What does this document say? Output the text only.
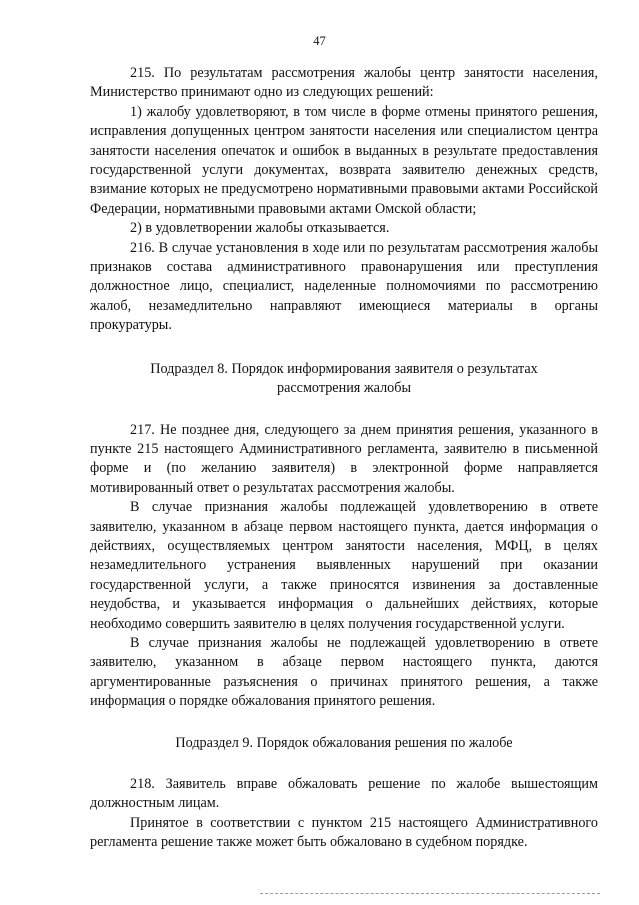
47

215. По результатам рассмотрения жалобы центр занятости населения, Министерство принимают одно из следующих решений:

1) жалобу удовлетворяют, в том числе в форме отмены принятого решения, исправления допущенных центром занятости населения или специалистом центра занятости населения опечаток и ошибок в выданных в результате предоставления государственной услуги документах, возврата заявителю денежных средств, взимание которых не предусмотрено нормативными правовыми актами Российской Федерации, нормативными правовыми актами Омской области;

2) в удовлетворении жалобы отказывается.

216. В случае установления в ходе или по результатам рассмотрения жалобы признаков состава административного правонарушения или преступления должностное лицо, специалист, наделенные полномочиями по рассмотрению жалоб, незамедлительно направляют имеющиеся материалы в органы прокуратуры.

Подраздел 8. Порядок информирования заявителя о результатах
рассмотрения жалобы

217. Не позднее дня, следующего за днем принятия решения, указанного в пункте 215 настоящего Административного регламента, заявителю в письменной форме и (по желанию заявителя) в электронной форме направляется мотивированный ответ о результатах рассмотрения жалобы.

В случае признания жалобы подлежащей удовлетворению в ответе заявителю, указанном в абзаце первом настоящего пункта, дается информация о действиях, осуществляемых центром занятости населения, МФЦ, в целях незамедлительного устранения выявленных нарушений при оказании государственной услуги, а также приносятся извинения за доставленные неудобства, и указывается информация о дальнейших действиях, которые необходимо совершить заявителю в целях получения государственной услуги.

В случае признания жалобы не подлежащей удовлетворению в ответе заявителю, указанном в абзаце первом настоящего пункта, даются аргументированные разъяснения о причинах принятого решения, а также информация о порядке обжалования принятого решения.

Подраздел 9. Порядок обжалования решения по жалобе

218. Заявитель вправе обжаловать решение по жалобе вышестоящим должностным лицам.

Принятое в соответствии с пунктом 215 настоящего Административного регламента решение также может быть обжаловано в судебном порядке.
